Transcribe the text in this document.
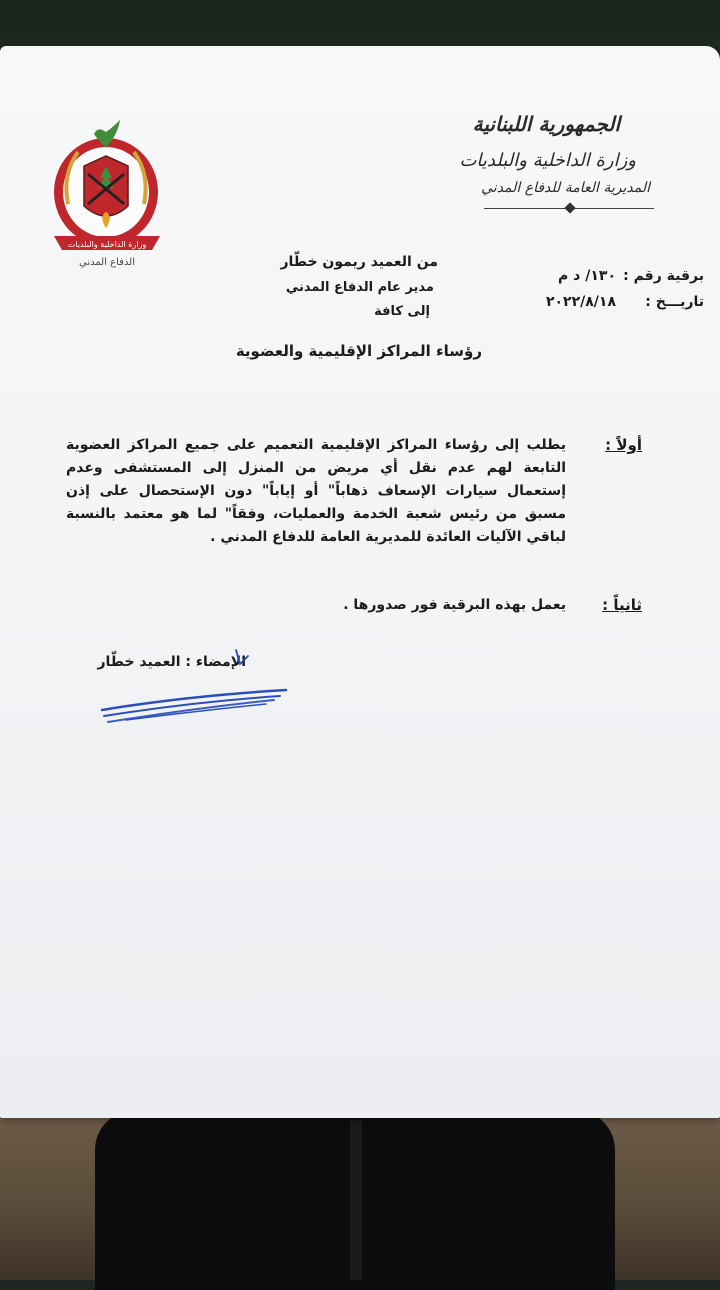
الجمهورية اللبنانية
وزارة الداخلية والبلديات
المديرية العامة للدفاع المدني
وزارة الداخلية والبلديات
الدفاع المدني	من العميد ريمون خطّار
مدير عام الدفاع المدني
إلى كافة
برقية رقم :
١٣٠/ د م
تاريـــخ :
٢٠٢٢/٨/١٨
رؤساء المراكز الإقليمية والعضوية
أولاً :
يطلب إلى رؤساء المراكز الإقليمية التعميم على جميع المراكز العضوية التابعة لهم عدم نقل أي مريض من المنزل إلى المستشفى وعدم إستعمال سيارات الإسعاف ذهاباً" أو إياباً" دون الإستحصال على إذن مسبق من رئيس شعبة الخدمة والعمليات، وفقاً" لما هو معتمد بالنسبة لباقي الآليات العائدة للمديرية العامة للدفاع المدني .
ثانياً :
يعمل بهذه البرقية فور صدورها .
الإمضاء : العميد خطّار
